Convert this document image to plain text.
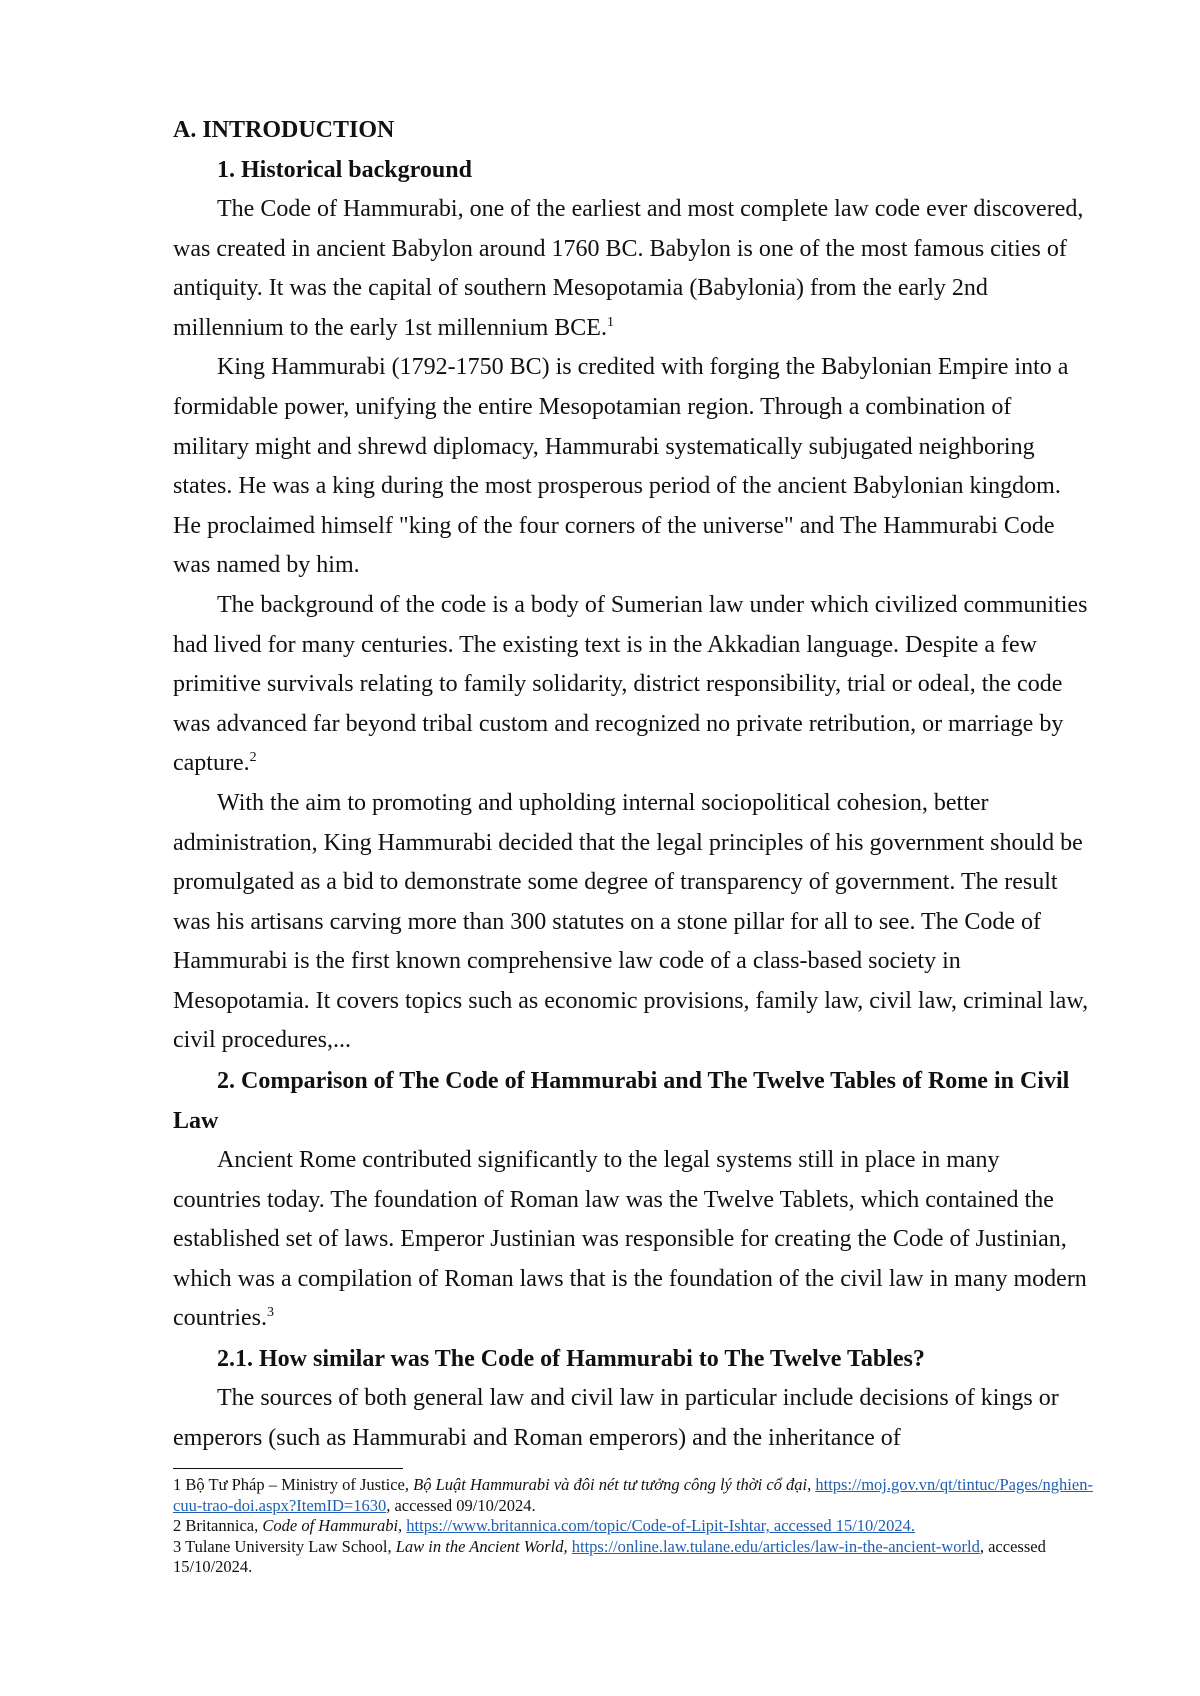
A. INTRODUCTION

1. Historical background

The Code of Hammurabi, one of the earliest and most complete law code ever discovered, was created in ancient Babylon around 1760 BC. Babylon is one of the most famous cities of antiquity. It was the capital of southern Mesopotamia (Babylonia) from the early 2nd millennium to the early 1st millennium BCE.$^1$

King Hammurabi (1792-1750 BC) is credited with forging the Babylonian Empire into a formidable power, unifying the entire Mesopotamian region. Through a combination of military might and shrewd diplomacy, Hammurabi systematically subjugated neighboring states. He was a king during the most prosperous period of the ancient Babylonian kingdom. He proclaimed himself "king of the four corners of the universe" and The Hammurabi Code was named by him.

The background of the code is a body of Sumerian law under which civilized communities had lived for many centuries. The existing text is in the Akkadian language. Despite a few primitive survivals relating to family solidarity, district responsibility, trial or odeal, the code was advanced far beyond tribal custom and recognized no private retribution, or marriage by capture.$^2$

With the aim to promoting and upholding internal sociopolitical cohesion, better administration, King Hammurabi decided that the legal principles of his government should be promulgated as a bid to demonstrate some degree of transparency of government. The result was his artisans carving more than 300 statutes on a stone pillar for all to see. The Code of Hammurabi is the first known comprehensive law code of a class-based society in Mesopotamia. It covers topics such as economic provisions, family law, civil law, criminal law, civil procedures,...

2. Comparison of The Code of Hammurabi and The Twelve Tables of Rome in Civil Law

Ancient Rome contributed significantly to the legal systems still in place in many countries today. The foundation of Roman law was the Twelve Tablets, which contained the established set of laws. Emperor Justinian was responsible for creating the Code of Justinian, which was a compilation of Roman laws that is the foundation of the civil law in many modern countries.$^3$

2.1. How similar was The Code of Hammurabi to The Twelve Tables?

The sources of both general law and civil law in particular include decisions of kings or emperors (such as Hammurabi and Roman emperors) and the inheritance of

1 Bộ Tư Pháp – Ministry of Justice, Bộ Luật Hammurabi và đôi nét tư tưởng công lý thời cổ đại, https://moj.gov.vn/qt/tintuc/Pages/nghien-cuu-trao-doi.aspx?ItemID=1630, accessed 09/10/2024.

2 Britannica, Code of Hammurabi, https://www.britannica.com/topic/Code-of-Lipit-Ishtar, accessed 15/10/2024.

3 Tulane University Law School, Law in the Ancient World, https://online.law.tulane.edu/articles/law-in-the-ancient-world, accessed 15/10/2024.
